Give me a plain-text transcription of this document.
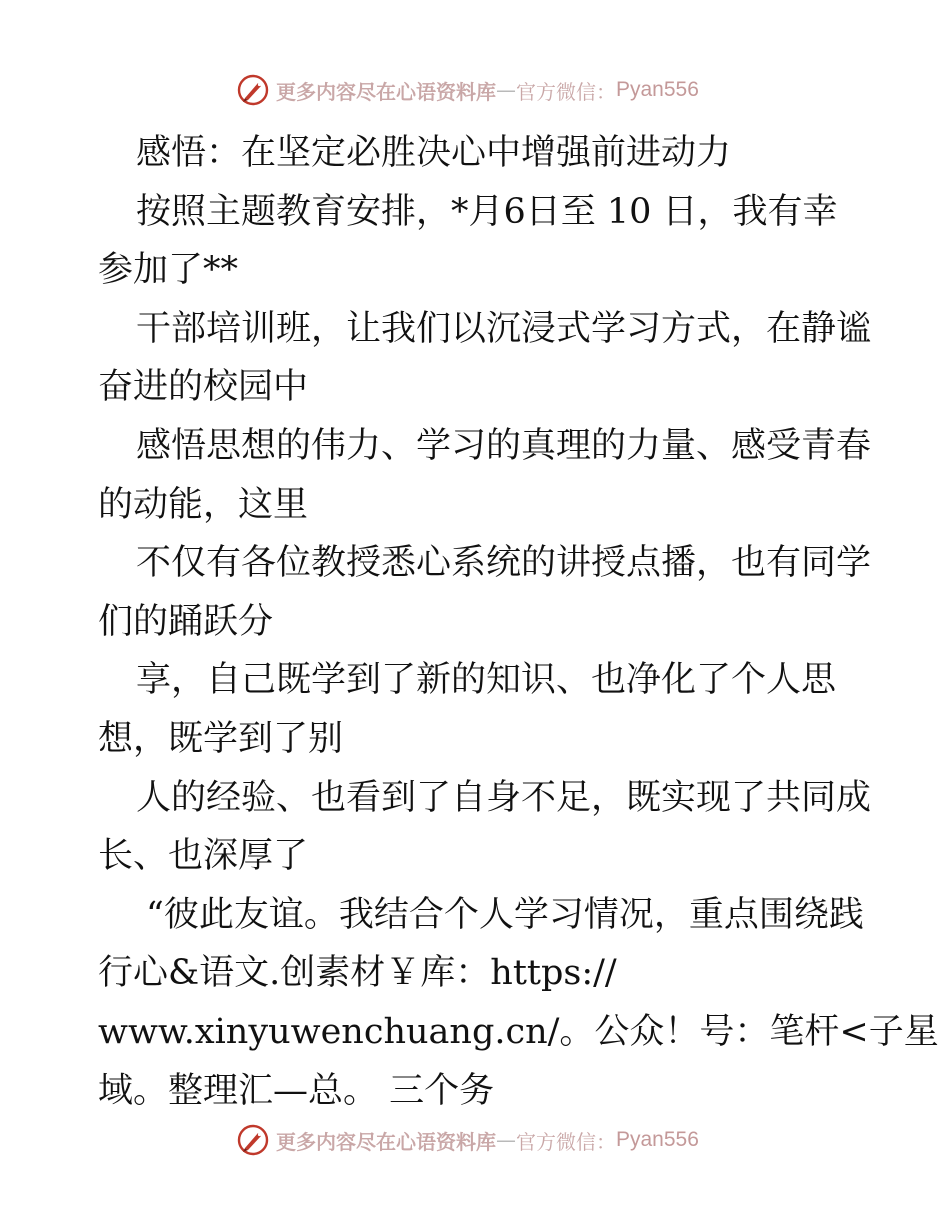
更多内容尽在心语资料库 — 官方微信： Pyan556
感悟：在坚定必胜决心中增强前进动力
按照主题教育安排，*月6日至 10 日，我有幸
参加了**
干部培训班，让我们以沉浸式学习方式，在静谧
奋进的校园中
感悟思想的伟力、学习的真理的力量、感受青春
的动能，这里
不仅有各位教授悉心系统的讲授点播，也有同学
们的踊跃分
享，自己既学到了新的知识、也净化了个人思
想，既学到了别
人的经验、也看到了自身不足，既实现了共同成
长、也深厚了
“彼此友谊。我结合个人学习情况，重点围绕践
行心&语文.创素材￥库：https://
www.xinyuwenchuang.cn/。公众！号：笔杆<子星
域。整理汇—总。 三个务
更多内容尽在心语资料库 — 官方微信： Pyan556
